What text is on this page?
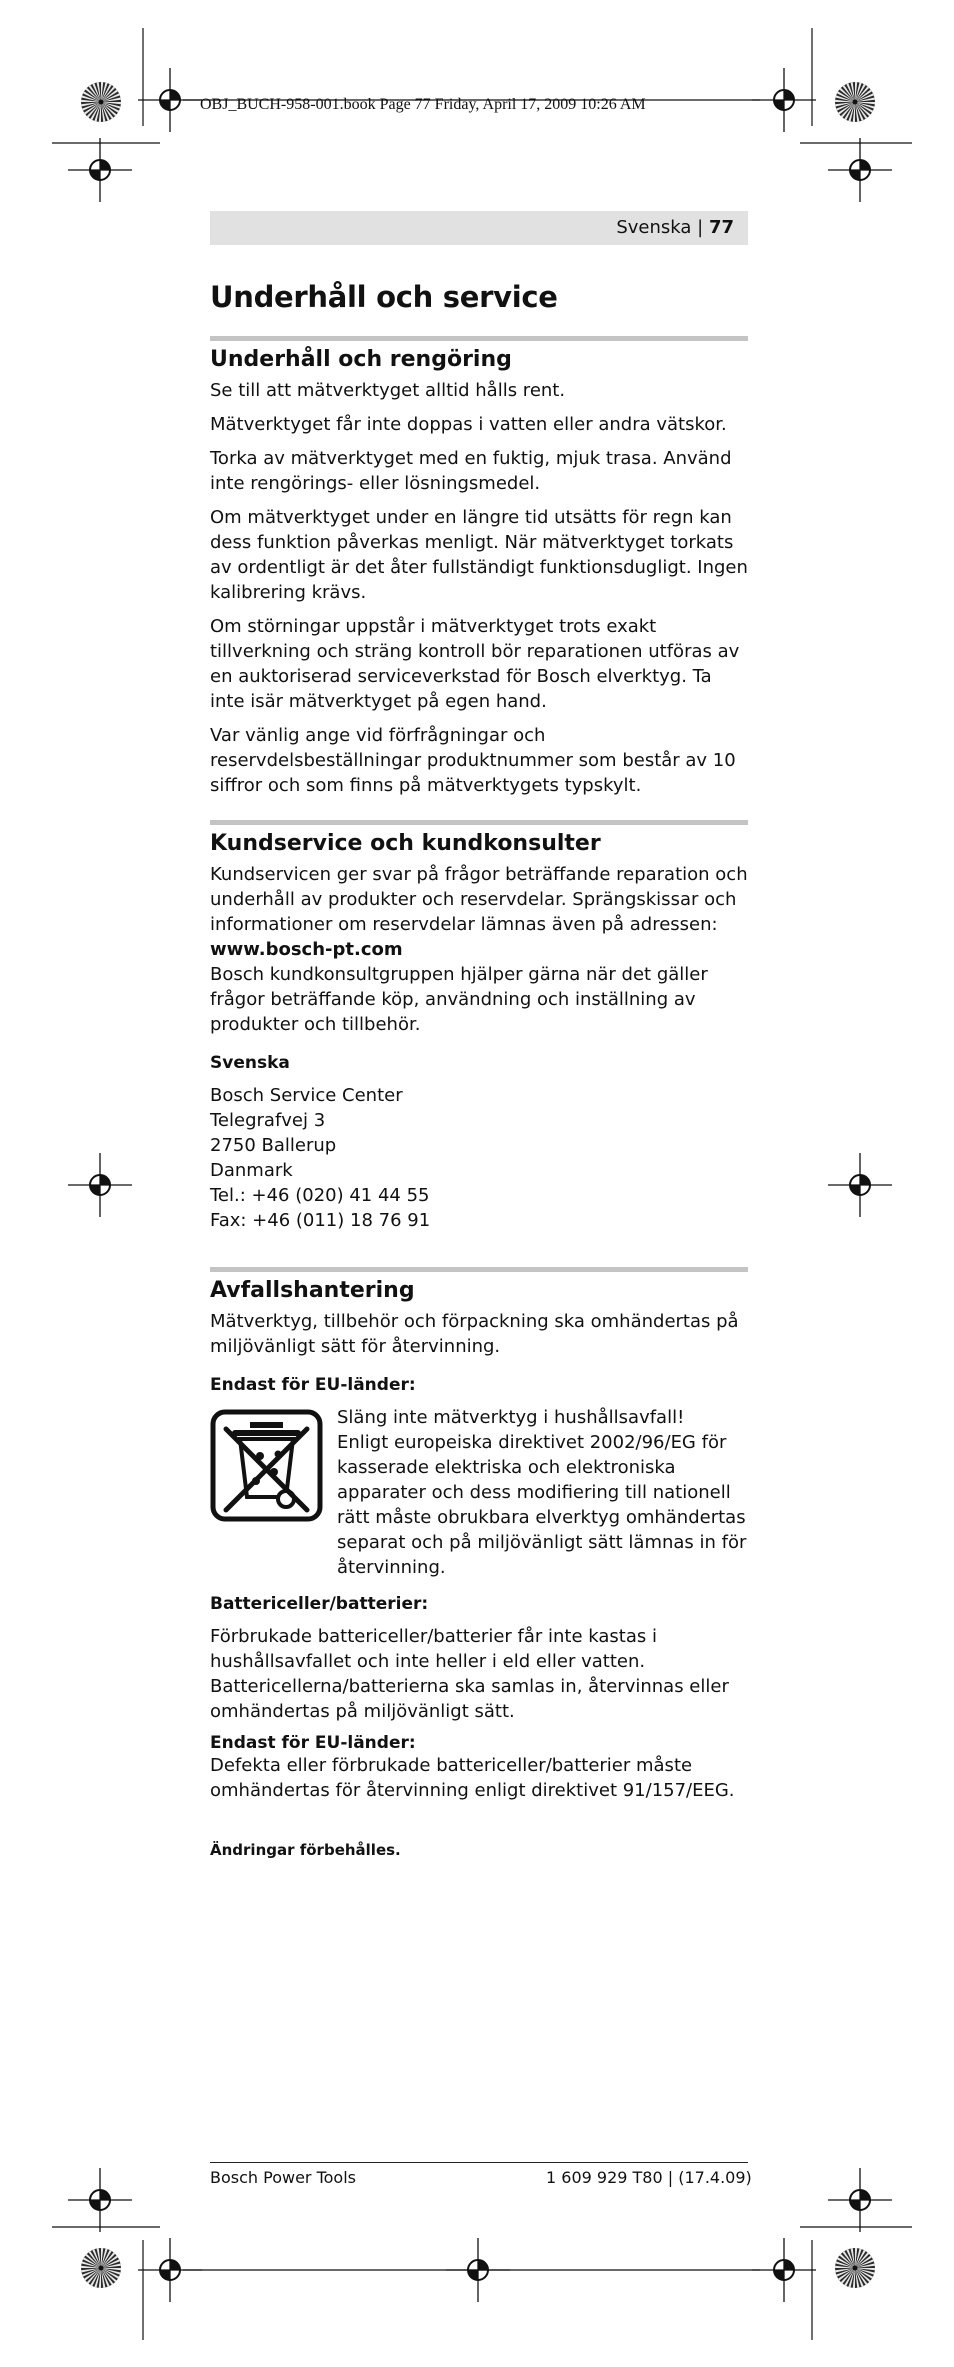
OBJ_BUCH-958-001.book Page 77 Friday, April 17, 2009 10:26 AM
Svenska | 77
Underhåll och service
Underhåll och rengöring

Se till att mätverktyget alltid hålls rent.

Mätverktyget får inte doppas i vatten eller andra vätskor.

Torka av mätverktyget med en fuktig, mjuk trasa. Använd inte rengörings- eller lösningsmedel.

Om mätverktyget under en längre tid utsätts för regn kan dess funktion påverkas menligt. När mätverktyget torkats av ordentligt är det åter fullständigt funktionsdugligt. Ingen kalibrering krävs.

Om störningar uppstår i mätverktyget trots exakt tillverkning och sträng kontroll bör reparationen utföras av en auktoriserad serviceverkstad för Bosch elverktyg. Ta inte isär mätverktyget på egen hand.

Var vänlig ange vid förfrågningar och reservdelsbeställningar produktnummer som består av 10 siffror och som finns på mätverktygets typskylt.

Kundservice och kundkonsulter

Kundservicen ger svar på frågor beträffande reparation och underhåll av produkter och reservdelar. Sprängskissar och informationer om reservdelar lämnas även på adressen:
www.bosch-pt.com
Bosch kundkonsultgruppen hjälper gärna när det gäller frågor beträffande köp, användning och inställning av produkter och tillbehör.

Svenska
Bosch Service Center
Telegrafvej 3
2750 Ballerup
Danmark
Tel.: +46 (020) 41 44 55
Fax: +46 (011) 18 76 91
Avfallshantering

Mätverktyg, tillbehör och förpackning ska omhändertas på miljövänligt sätt för återvinning.

Endast för EU-länder:

Släng inte mätverktyg i hushållsavfall!

Enligt europeiska direktivet 2002/96/EG för kasserade elektriska och elektroniska apparater och dess modifiering till nationell rätt måste obrukbara elverktyg omhändertas separat och på miljövänligt sätt lämnas in för återvinning.

Battericeller/batterier:

Förbrukade battericeller/batterier får inte kastas i hushållsavfallet och inte heller i eld eller vatten. Battericellerna/batterierna ska samlas in, återvinnas eller omhändertas på miljövänligt sätt.

Endast för EU-länder:

Defekta eller förbrukade battericeller/batterier måste omhändertas för återvinning enligt direktivet 91/157/EEG.

Ändringar förbehålles.
Bosch Power Tools	1 609 929 T80 | (17.4.09)
